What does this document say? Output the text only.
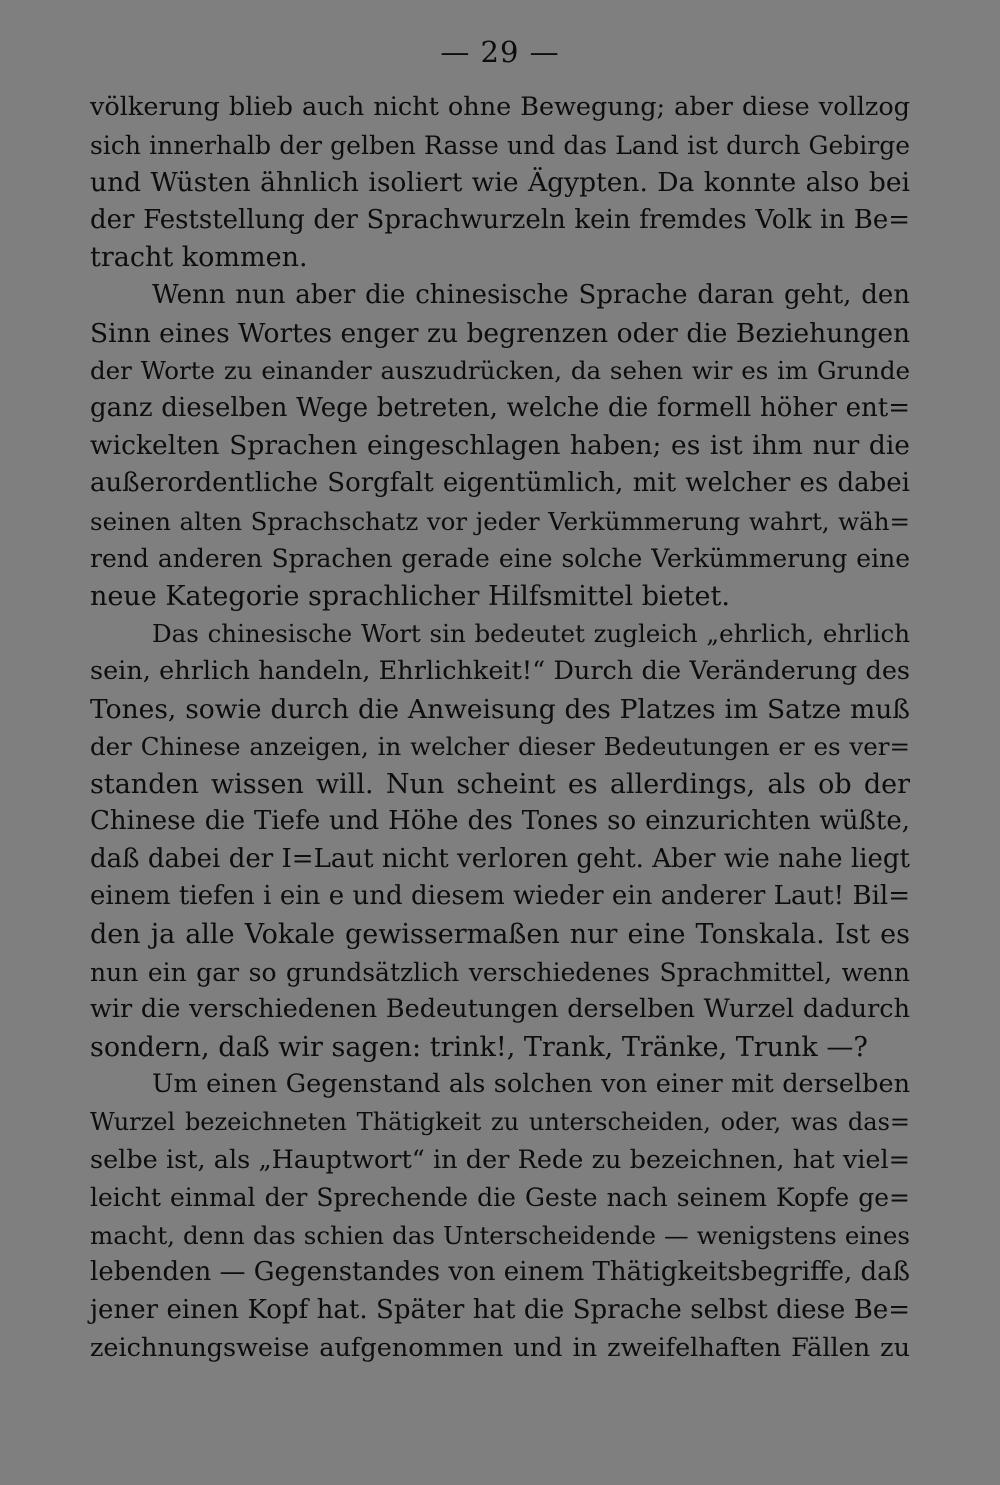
— 29 —
völkerung blieb auch nicht ohne Bewegung; aber diese vollzog
sich innerhalb der gelben Rasse und das Land ist durch Gebirge
und Wüsten ähnlich isoliert wie Ägypten. Da konnte also bei
der Feststellung der Sprachwurzeln kein fremdes Volk in Be=
tracht kommen.
Wenn nun aber die chinesische Sprache daran geht, den
Sinn eines Wortes enger zu begrenzen oder die Beziehungen
der Worte zu einander auszudrücken, da sehen wir es im Grunde
ganz dieselben Wege betreten, welche die formell höher ent=
wickelten Sprachen eingeschlagen haben; es ist ihm nur die
außerordentliche Sorgfalt eigentümlich, mit welcher es dabei
seinen alten Sprachschatz vor jeder Verkümmerung wahrt, wäh=
rend anderen Sprachen gerade eine solche Verkümmerung eine
neue Kategorie sprachlicher Hilfsmittel bietet.
Das chinesische Wort sin bedeutet zugleich „ehrlich, ehrlich
sein, ehrlich handeln, Ehrlichkeit!“ Durch die Veränderung des
Tones, sowie durch die Anweisung des Platzes im Satze muß
der Chinese anzeigen, in welcher dieser Bedeutungen er es ver=
standen wissen will. Nun scheint es allerdings, als ob der
Chinese die Tiefe und Höhe des Tones so einzurichten wüßte,
daß dabei der I=Laut nicht verloren geht. Aber wie nahe liegt
einem tiefen i ein e und diesem wieder ein anderer Laut! Bil=
den ja alle Vokale gewissermaßen nur eine Tonskala. Ist es
nun ein gar so grundsätzlich verschiedenes Sprachmittel, wenn
wir die verschiedenen Bedeutungen derselben Wurzel dadurch
sondern, daß wir sagen: trink!, Trank, Tränke, Trunk —?
Um einen Gegenstand als solchen von einer mit derselben
Wurzel bezeichneten Thätigkeit zu unterscheiden, oder, was das=
selbe ist, als „Hauptwort“ in der Rede zu bezeichnen, hat viel=
leicht einmal der Sprechende die Geste nach seinem Kopfe ge=
macht, denn das schien das Unterscheidende — wenigstens eines
lebenden — Gegenstandes von einem Thätigkeitsbegriffe, daß
jener einen Kopf hat. Später hat die Sprache selbst diese Be=
zeichnungsweise aufgenommen und in zweifelhaften Fällen zu
